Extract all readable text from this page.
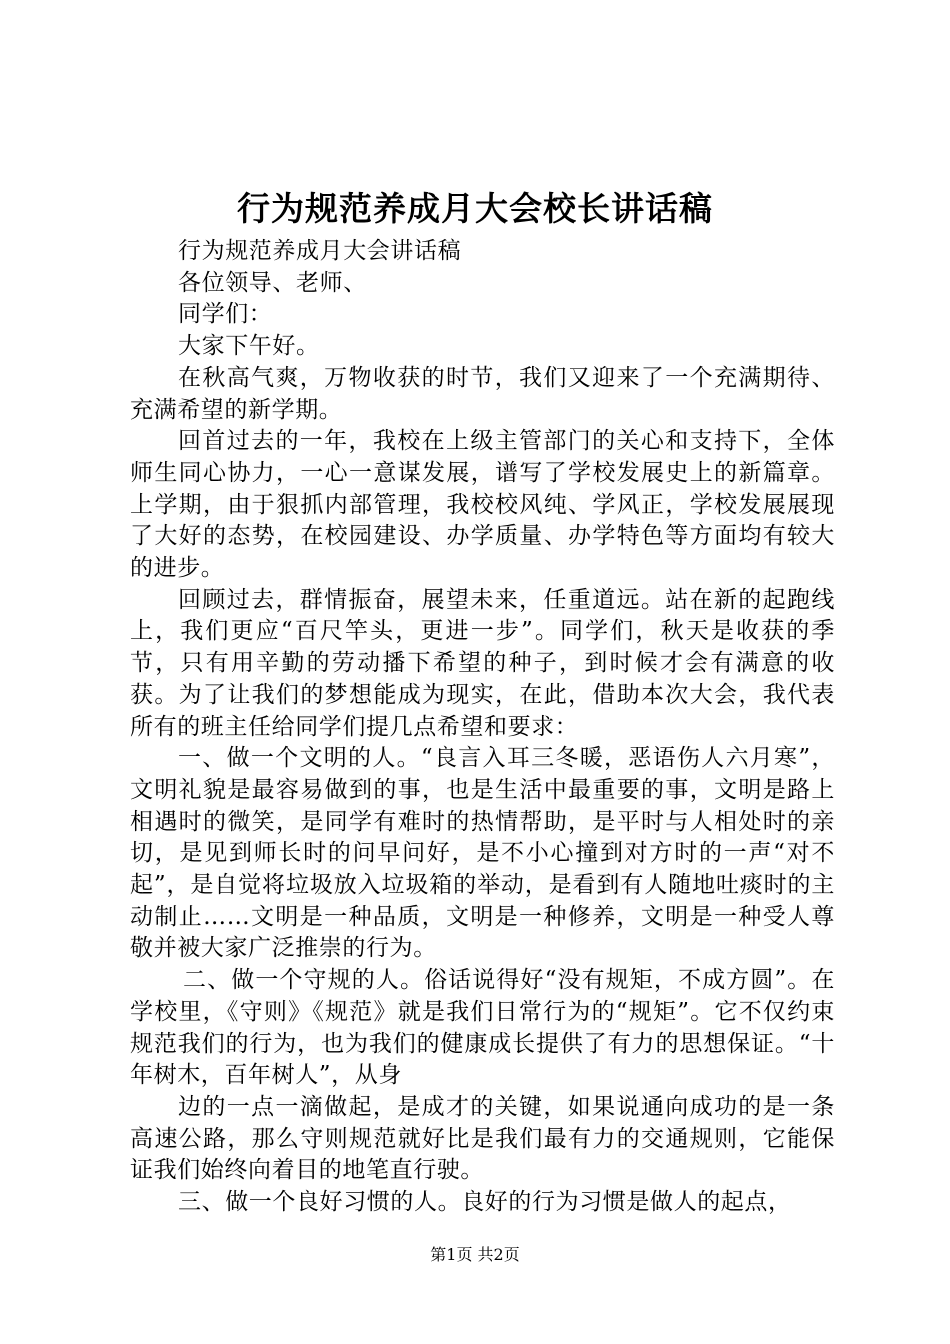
行为规范养成月大会校长讲话稿

行为规范养成月大会讲话稿

各位领导、老师、

同学们：

大家下午好。

在秋高气爽，万物收获的时节，我们又迎来了一个充满期待、充满希望的新学期。

回首过去的一年，我校在上级主管部门的关心和支持下，全体师生同心协力，一心一意谋发展，谱写了学校发展史上的新篇章。上学期，由于狠抓内部管理，我校校风纯、学风正，学校发展展现了大好的态势，在校园建设、办学质量、办学特色等方面均有较大的进步。

回顾过去，群情振奋，展望未来，任重道远。站在新的起跑线上，我们更应“百尺竿头，更进一步”。同学们，秋天是收获的季节，只有用辛勤的劳动播下希望的种子，到时候才会有满意的收获。为了让我们的梦想能成为现实，在此，借助本次大会，我代表所有的班主任给同学们提几点希望和要求：

一、做一个文明的人。“良言入耳三冬暖，恶语伤人六月寒”，文明礼貌是最容易做到的事，也是生活中最重要的事，文明是路上相遇时的微笑，是同学有难时的热情帮助，是平时与人相处时的亲切，是见到师长时的问早问好，是不小心撞到对方时的一声“对不起”，是自觉将垃圾放入垃圾箱的举动，是看到有人随地吐痰时的主动制止……文明是一种品质，文明是一种修养，文明是一种受人尊敬并被大家广泛推崇的行为。

二、做一个守规的人。俗话说得好“没有规矩，不成方圆”。在学校里，《守则》《规范》就是我们日常行为的“规矩”。它不仅约束规范我们的行为，也为我们的健康成长提供了有力的思想保证。“十年树木，百年树人”，从身

边的一点一滴做起，是成才的关键，如果说通向成功的是一条高速公路，那么守则规范就好比是我们最有力的交通规则，它能保证我们始终向着目的地笔直行驶。

三、做一个良好习惯的人。良好的行为习惯是做人的起点，

第1页 共2页
